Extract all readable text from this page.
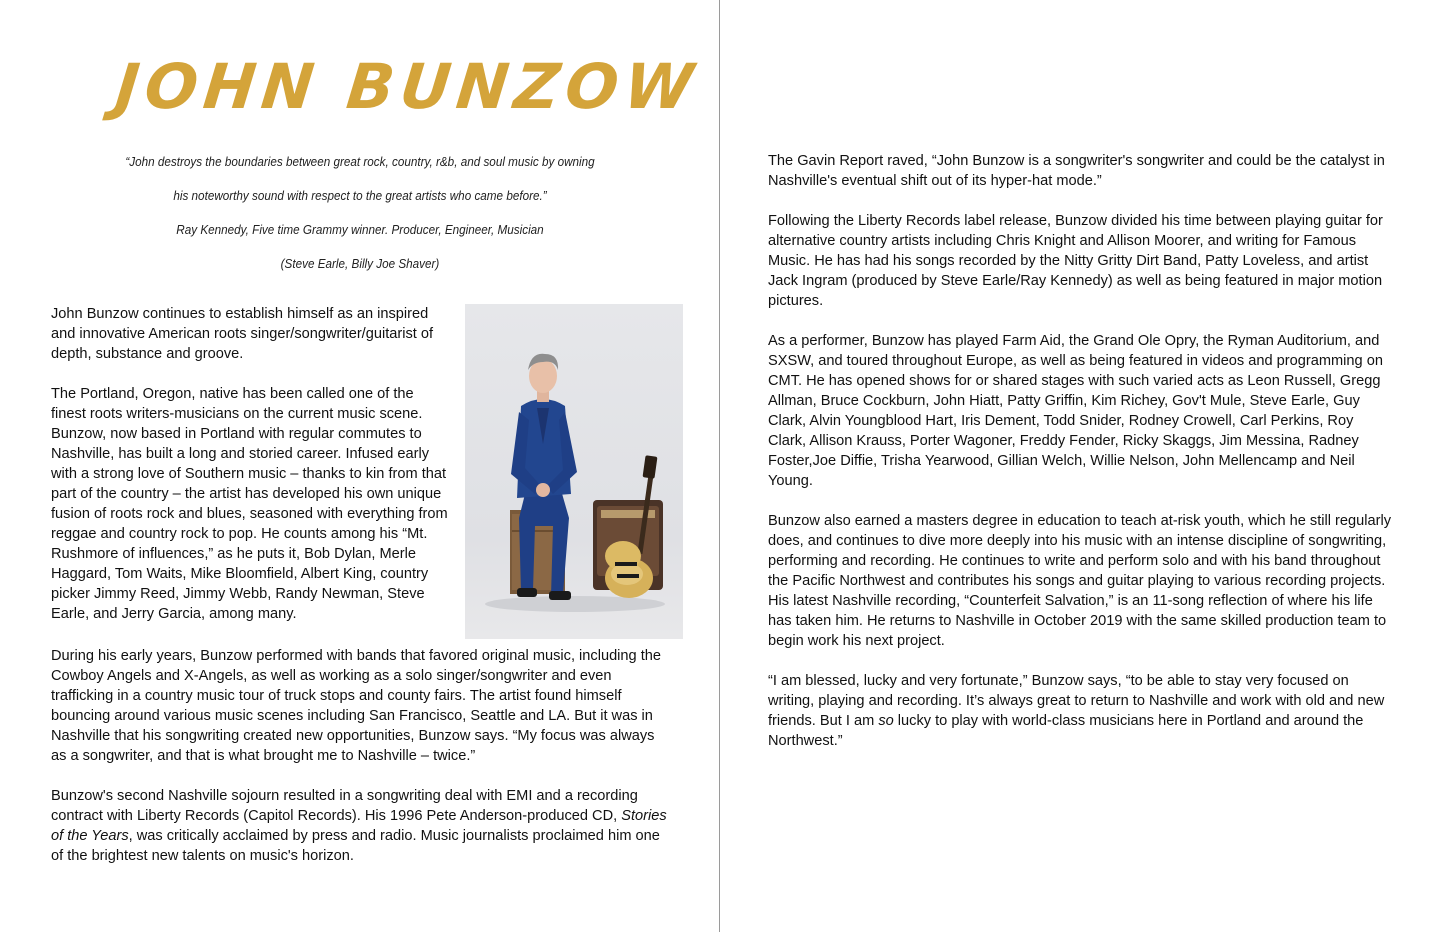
JOHN BUNZOW
“John destroys the boundaries between great rock, country, r&b, and soul music by owning
his noteworthy sound with respect to the great artists who came before.”
Ray Kennedy, Five time Grammy winner. Producer, Engineer, Musician
(Steve Earle, Billy Joe Shaver)

John Bunzow continues to establish himself as an inspired and innovative American roots singer/songwriter/guitarist of depth, substance and groove.

The Portland, Oregon, native has been called one of the finest roots writers-musicians on the current music scene. Bunzow, now based in Portland with regular commutes to Nashville, has built a long and storied career. Infused early with a strong love of Southern music – thanks to kin from that part of the country – the artist has developed his own unique fusion of roots rock and blues, seasoned with everything from reggae and country rock to pop. He counts among his “Mt. Rushmore of influences,” as he puts it, Bob Dylan, Merle Haggard, Tom Waits, Mike Bloomfield, Albert King, country picker Jimmy Reed, Jimmy Webb, Randy Newman, Steve Earle, and Jerry Garcia, among many.

During his early years, Bunzow performed with bands that favored original music, including the Cowboy Angels and X-Angels, as well as working as a solo singer/songwriter and even trafficking in a country music tour of truck stops and county fairs. The artist found himself bouncing around various music scenes including San Francisco, Seattle and LA. But it was in Nashville that his songwriting created new opportunities, Bunzow says. “My focus was always as a songwriter, and that is what brought me to Nashville – twice.”

Bunzow's second Nashville sojourn resulted in a songwriting deal with EMI and a recording contract with Liberty Records (Capitol Records). His 1996 Pete Anderson-produced CD, Stories of the Years, was critically acclaimed by press and radio. Music journalists proclaimed him one of the brightest new talents on music's horizon.

The Gavin Report raved, “John Bunzow is a songwriter's songwriter and could be the catalyst in Nashville's eventual shift out of its hyper-hat mode.”

Following the Liberty Records label release, Bunzow divided his time between playing guitar for alternative country artists including Chris Knight and Allison Moorer, and writing for Famous Music. He has had his songs recorded by the Nitty Gritty Dirt Band, Patty Loveless, and artist Jack Ingram (produced by Steve Earle/Ray Kennedy) as well as being featured in major motion pictures.

As a performer, Bunzow has played Farm Aid, the Grand Ole Opry, the Ryman Auditorium, and SXSW, and toured throughout Europe, as well as being featured in videos and programming on CMT. He has opened shows for or shared stages with such varied acts as Leon Russell, Gregg Allman, Bruce Cockburn, John Hiatt, Patty Griffin, Kim Richey, Gov't Mule, Steve Earle, Guy Clark, Alvin Youngblood Hart, Iris Dement, Todd Snider, Rodney Crowell, Carl Perkins, Roy Clark, Allison Krauss, Porter Wagoner, Freddy Fender, Ricky Skaggs, Jim Messina, Radney Foster,Joe Diffie, Trisha Yearwood, Gillian Welch, Willie Nelson, John Mellencamp and Neil Young.

Bunzow also earned a masters degree in education to teach at-risk youth, which he still regularly does, and continues to dive more deeply into his music with an intense discipline of songwriting, performing and recording. He continues to write and perform solo and with his band throughout the Pacific Northwest and contributes his songs and guitar playing to various recording projects. His latest Nashville recording, “Counterfeit Salvation,” is an 11-song reflection of where his life has taken him. He returns to Nashville in October 2019 with the same skilled production team to begin work his next project.

“I am blessed, lucky and very fortunate,” Bunzow says, “to be able to stay very focused on writing, playing and recording. It’s always great to return to Nashville and work with old and new friends. But I am so lucky to play with world-class musicians here in Portland and around the Northwest.”
